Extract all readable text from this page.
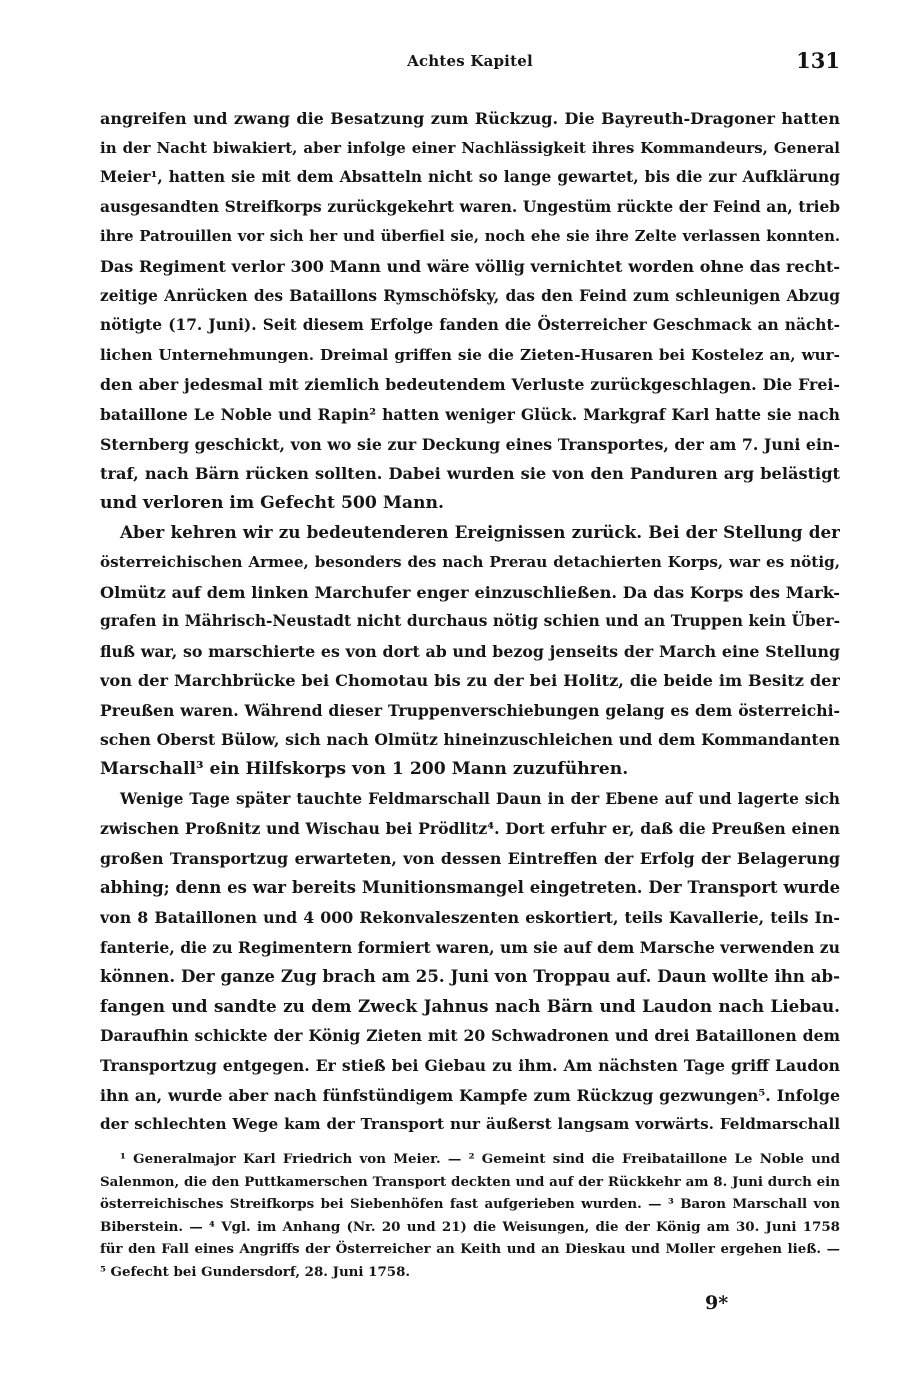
Achtes Kapitel	131
angreifen und zwang die Besatzung zum Rückzug. Die Bayreuth-Dragoner hatten
in der Nacht biwakiert, aber infolge einer Nachlässigkeit ihres Kommandeurs, General
Meier¹, hatten sie mit dem Absatteln nicht so lange gewartet, bis die zur Aufklärung
ausgesandten Streifkorps zurückgekehrt waren. Ungestüm rückte der Feind an, trieb
ihre Patrouillen vor sich her und überfiel sie, noch ehe sie ihre Zelte verlassen konnten.
Das Regiment verlor 300 Mann und wäre völlig vernichtet worden ohne das recht-
zeitige Anrücken des Bataillons Rymschöfsky, das den Feind zum schleunigen Abzug
nötigte (17. Juni). Seit diesem Erfolge fanden die Österreicher Geschmack an nächt-
lichen Unternehmungen. Dreimal griffen sie die Zieten-Husaren bei Kostelez an, wur-
den aber jedesmal mit ziemlich bedeutendem Verluste zurückgeschlagen. Die Frei-
bataillone Le Noble und Rapin² hatten weniger Glück. Markgraf Karl hatte sie nach
Sternberg geschickt, von wo sie zur Deckung eines Transportes, der am 7. Juni ein-
traf, nach Bärn rücken sollten. Dabei wurden sie von den Panduren arg belästigt
und verloren im Gefecht 500 Mann.
Aber kehren wir zu bedeutenderen Ereignissen zurück. Bei der Stellung der
österreichischen Armee, besonders des nach Prerau detachierten Korps, war es nötig,
Olmütz auf dem linken Marchufer enger einzuschließen. Da das Korps des Mark-
grafen in Mährisch-Neustadt nicht durchaus nötig schien und an Truppen kein Über-
fluß war, so marschierte es von dort ab und bezog jenseits der March eine Stellung
von der Marchbrücke bei Chomotau bis zu der bei Holitz, die beide im Besitz der
Preußen waren. Während dieser Truppenverschiebungen gelang es dem österreichi-
schen Oberst Bülow, sich nach Olmütz hineinzuschleichen und dem Kommandanten
Marschall³ ein Hilfskorps von 1 200 Mann zuzuführen.
Wenige Tage später tauchte Feldmarschall Daun in der Ebene auf und lagerte sich
zwischen Proßnitz und Wischau bei Prödlitz⁴. Dort erfuhr er, daß die Preußen einen
großen Transportzug erwarteten, von dessen Eintreffen der Erfolg der Belagerung
abhing; denn es war bereits Munitionsmangel eingetreten. Der Transport wurde
von 8 Bataillonen und 4 000 Rekonvaleszenten eskortiert, teils Kavallerie, teils In-
fanterie, die zu Regimentern formiert waren, um sie auf dem Marsche verwenden zu
können. Der ganze Zug brach am 25. Juni von Troppau auf. Daun wollte ihn ab-
fangen und sandte zu dem Zweck Jahnus nach Bärn und Laudon nach Liebau.
Daraufhin schickte der König Zieten mit 20 Schwadronen und drei Bataillonen dem
Transportzug entgegen. Er stieß bei Giebau zu ihm. Am nächsten Tage griff Laudon
ihn an, wurde aber nach fünfstündigem Kampfe zum Rückzug gezwungen⁵. Infolge
der schlechten Wege kam der Transport nur äußerst langsam vorwärts. Feldmarschall
¹ Generalmajor Karl Friedrich von Meier. — ² Gemeint sind die Freibataillone Le Noble und
Salenmon, die den Puttkamerschen Transport deckten und auf der Rückkehr am 8. Juni durch ein
österreichisches Streifkorps bei Siebenhöfen fast aufgerieben wurden. — ³ Baron Marschall von
Biberstein. — ⁴ Vgl. im Anhang (Nr. 20 und 21) die Weisungen, die der König am 30. Juni 1758
für den Fall eines Angriffs der Österreicher an Keith und an Dieskau und Moller ergehen ließ. —
⁵ Gefecht bei Gundersdorf, 28. Juni 1758.
9*
